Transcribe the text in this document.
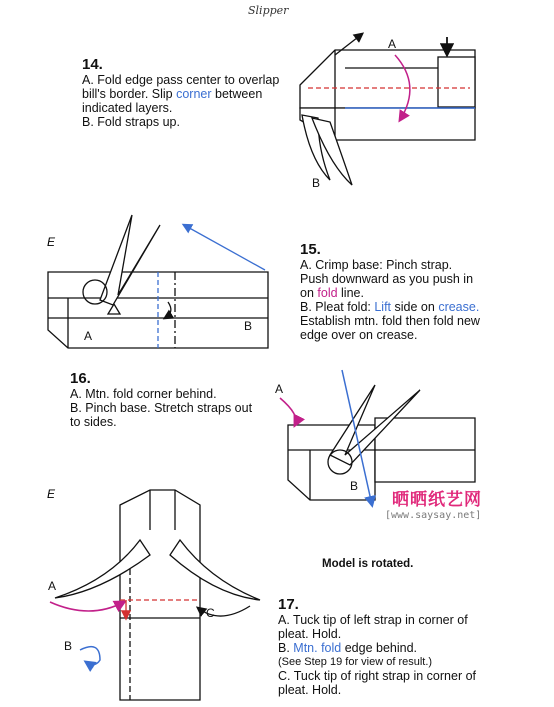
Slipper
14.

A. Fold edge pass center to overlap bill's border. Slip corner between indicated layers.

B. Fold straps up.

15.

A. Crimp base: Pinch strap. Push downward as you push in on fold line.

B. Pleat fold: Lift side on crease. Establish mtn. fold then fold new edge over on crease.

16.

A. Mtn. fold corner behind.

B. Pinch base. Stretch straps out to sides.

17.

A. Tuck tip of left strap in corner of pleat. Hold.

B. Mtn. fold edge behind.

(See Step 19 for view of result.)

C. Tuck tip of right strap in corner of pleat. Hold.

Model is rotated.
晒晒纸艺网
[www.saysay.net]
A
B
E
A
B
A
B
E
A
B
C
